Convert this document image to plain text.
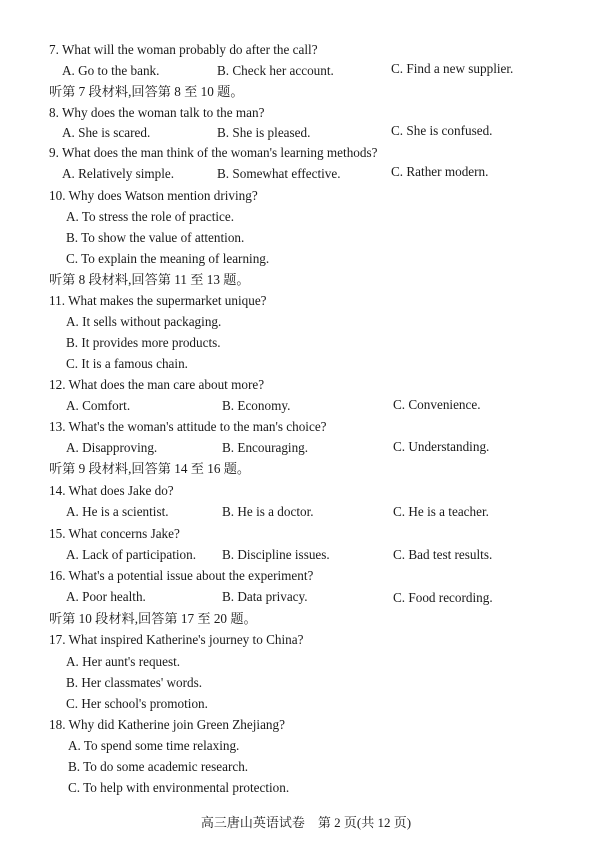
7. What will the woman probably do after the call?
A. Go to the bank.	B. Check her account.	C. Find a new supplier.
听第 7 段材料,回答第 8 至 10 题。
8. Why does the woman talk to the man?
A. She is scared.	B. She is pleased.	C. She is confused.
9. What does the man think of the woman's learning methods?
A. Relatively simple.	B. Somewhat effective.	C. Rather modern.
10. Why does Watson mention driving?
A. To stress the role of practice.
B. To show the value of attention.
C. To explain the meaning of learning.
听第 8 段材料,回答第 11 至 13 题。
11. What makes the supermarket unique?
A. It sells without packaging.
B. It provides more products.
C. It is a famous chain.
12. What does the man care about more?
A. Comfort.	B. Economy.	C. Convenience.
13. What's the woman's attitude to the man's choice?
A. Disapproving.	B. Encouraging.	C. Understanding.
听第 9 段材料,回答第 14 至 16 题。
14. What does Jake do?
A. He is a scientist.	B. He is a doctor.	C. He is a teacher.
15. What concerns Jake?
A. Lack of participation. B. Discipline issues.	C. Bad test results.
16. What's a potential issue about the experiment?
A. Poor health.	B. Data privacy.	C. Food recording.
听第 10 段材料,回答第 17 至 20 题。
17. What inspired Katherine's journey to China?
A. Her aunt's request.
B. Her classmates' words.
C. Her school's promotion.
18. Why did Katherine join Green Zhejiang?
A. To spend some time relaxing.
B. To do some academic research.
C. To help with environmental protection.
高三唐山英语试卷　第 2 页(共 12 页)
